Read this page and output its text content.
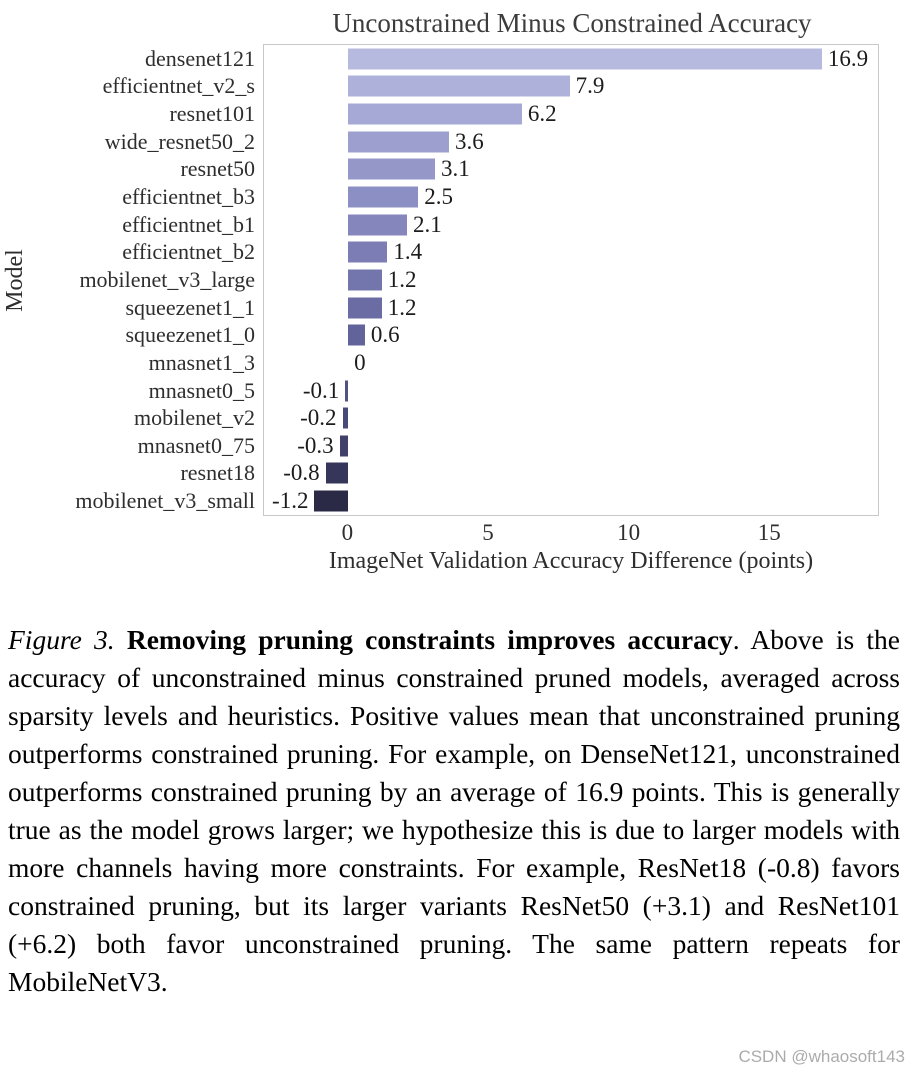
Unconstrained Minus Constrained Accuracy
Model
densenet121
efficientnet_v2_s
resnet101
wide_resnet50_2
resnet50
efficientnet_b3
efficientnet_b1
efficientnet_b2
mobilenet_v3_large
squeezenet1_1
squeezenet1_0
mnasnet1_3
mnasnet0_5
mobilenet_v2
mnasnet0_75
resnet18
mobilenet_v3_small
16.9
7.9
6.2
3.6
3.1
2.5
2.1
1.4
1.2
1.2
0.6
0
-0.1
-0.2
-0.3
-0.8
-1.2
0	5	10	15
ImageNet Validation Accuracy Difference (points)

Figure 3. Removing pruning constraints improves accuracy. Above is the accuracy of unconstrained minus constrained pruned models, averaged across sparsity levels and heuristics. Positive values mean that unconstrained pruning outperforms constrained pruning. For example, on DenseNet121, unconstrained outperforms constrained pruning by an average of 16.9 points. This is generally true as the model grows larger; we hypothesize this is due to larger models with more channels having more constraints. For example, ResNet18 (-0.8) favors constrained pruning, but its larger variants ResNet50 (+3.1) and ResNet101 (+6.2) both favor unconstrained pruning. The same pattern repeats for MobileNetV3.

CSDN @whaosoft143
